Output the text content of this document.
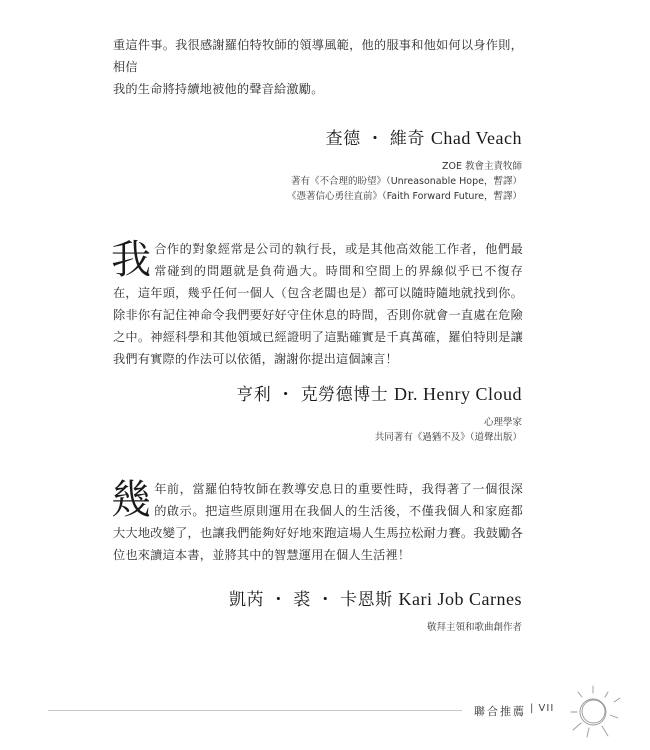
重這件事。我很感謝羅伯特牧師的領導風範，他的服事和他如何以身作則，相信

我的生命將持續地被他的聲音給激勵。

查德 ・ 維奇 Chad Veach
ZOE 教會主責牧師
著有《不合理的盼望》（Unreasonable Hope，暫譯）
《憑著信心勇往直前》（Faith Forward Future，暫譯）
我 合作的對象經常是公司的執行長，或是其他高效能工作者，他們最常碰到的問題就是負荷過大。時間和空間上的界線似乎已不復存在，這年頭，幾乎任何一個人（包含老闆也是）都可以隨時隨地就找到你。除非你有記住神命令我們要好好守住休息的時間，否則你就會一直處在危險之中。神經科學和其他領域已經證明了這點確實是千真萬確，羅伯特則是讓我們有實際的作法可以依循，謝謝你提出這個諫言！
亨利 ・ 克勞德博士 Dr. Henry Cloud
心理學家
共同著有《過猶不及》（道聲出版）
幾 年前，當羅伯特牧師在教導安息日的重要性時，我得著了一個很深的啟示。把這些原則運用在我個人的生活後，不僅我個人和家庭都大大地改變了，也讓我們能夠好好地來跑這場人生馬拉松耐力賽。我鼓勵各位也來讀這本書，並將其中的智慧運用在個人生活裡！
凱芮 ・ 裘 ・ 卡恩斯 Kari Job Carnes
敬拜主領和歌曲創作者
聯合推薦 | VII
